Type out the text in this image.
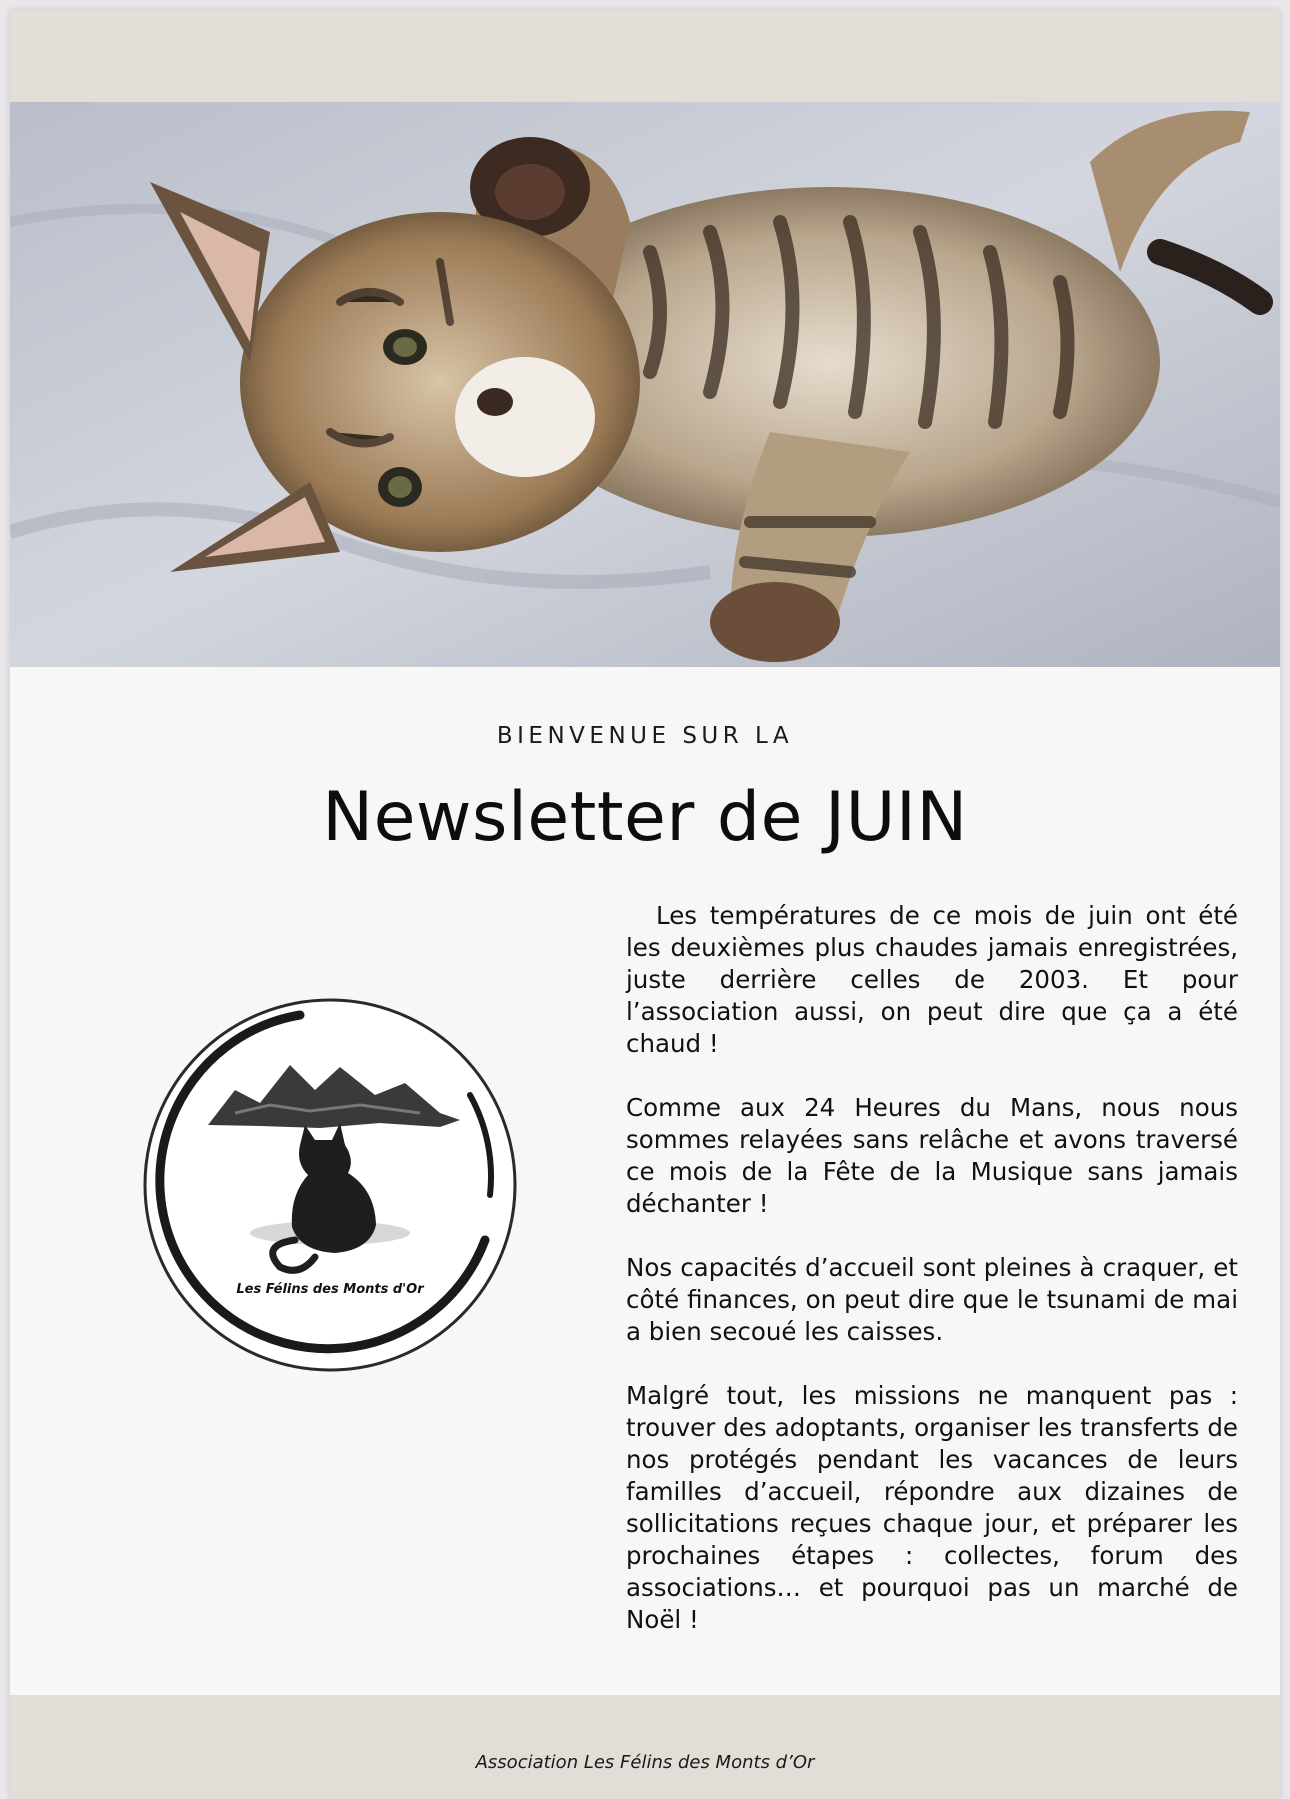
BIENVENUE SUR LA
Newsletter de JUIN
Les Félins des Monts d'Or

Les températures de ce mois de juin ont été les deuxièmes plus chaudes jamais enregistrées, juste derrière celles de 2003. Et pour l’association aussi, on peut dire que ça a été chaud !

Comme aux 24 Heures du Mans, nous nous sommes relayées sans relâche et avons traversé ce mois de la Fête de la Musique sans jamais déchanter !

Nos capacités d’accueil sont pleines à craquer, et côté finances, on peut dire que le tsunami de mai a bien secoué les caisses.

Malgré tout, les missions ne manquent pas : trouver des adoptants, organiser les transferts de nos protégés pendant les vacances de leurs familles d’accueil, répondre aux dizaines de sollicitations reçues chaque jour, et préparer les prochaines étapes : collectes, forum des associations… et pourquoi pas un marché de Noël !

Association Les Félins des Monts d’Or
